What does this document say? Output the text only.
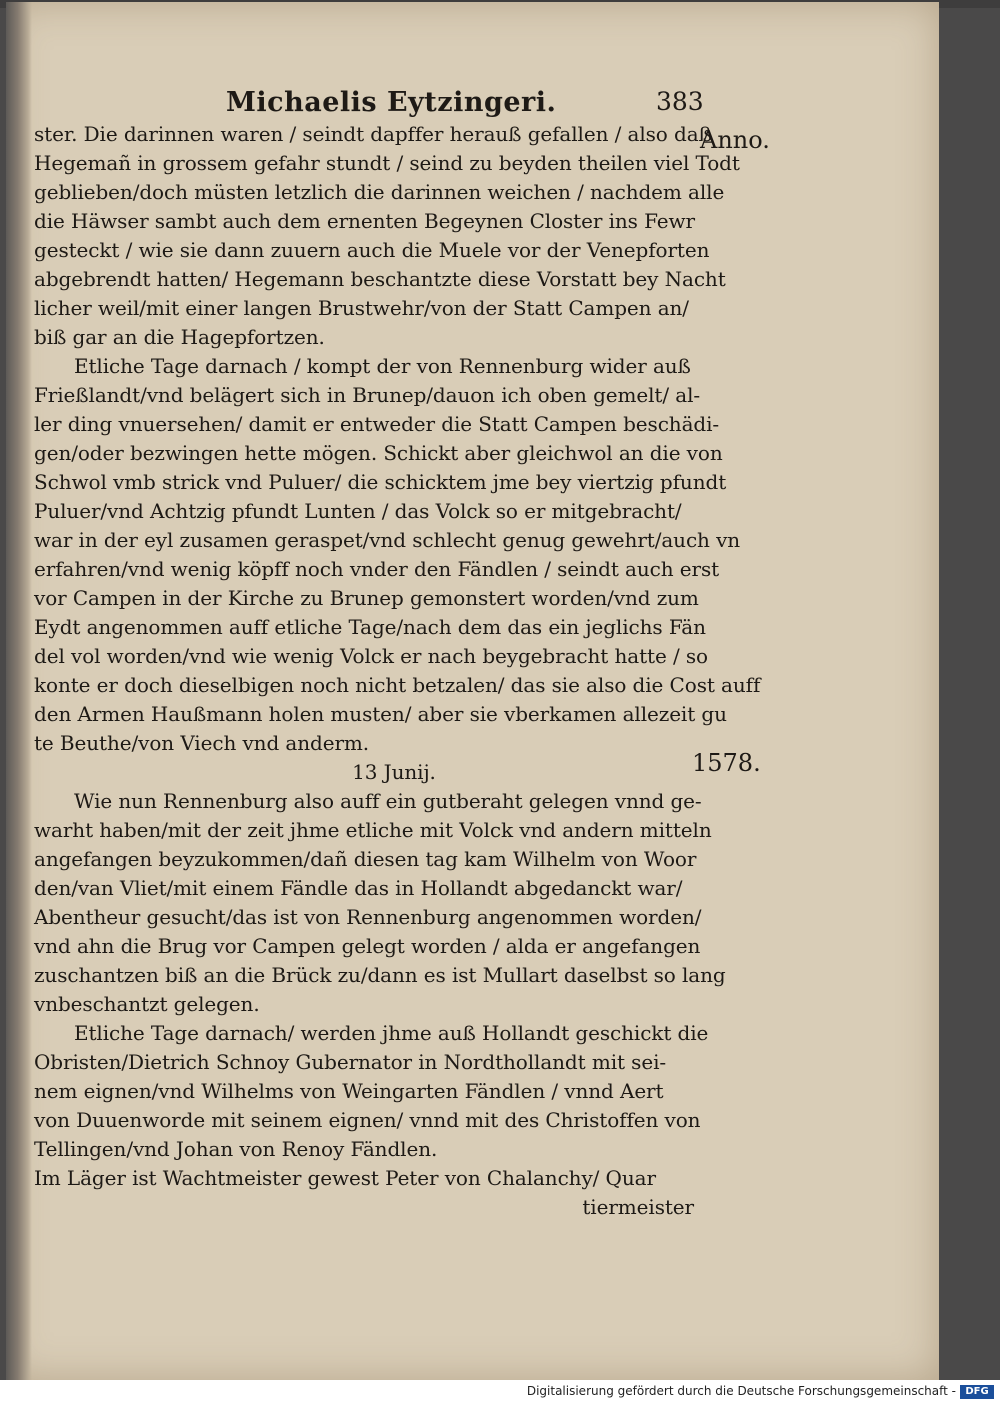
Michaelis Eytzingeri.	383
Anno.
1578.
ster. Die darinnen waren / seindt dapffer herauß gefallen / also daß
Hegemañ in grossem gefahr stundt / seind zu beyden theilen viel Todt
geblieben/doch müsten letzlich die darinnen weichen / nachdem alle
die Häwser sambt auch dem ernenten Begeynen Closter ins Fewr
gesteckt / wie sie dann zuuern auch die Muele vor der Venepforten
abgebrendt hatten/ Hegemann beschantzte diese Vorstatt bey Nacht
licher weil/mit einer langen Brustwehr/von der Statt Campen an/
biß gar an die Hagepfortzen.
Etliche Tage darnach / kompt der von Rennenburg wider auß
Frießlandt/vnd belägert sich in Brunep/dauon ich oben gemelt/ al-
ler ding vnuersehen/ damit er entweder die Statt Campen beschädi-
gen/oder bezwingen hette mögen. Schickt aber gleichwol an die von
Schwol vmb strick vnd Puluer/ die schicktem jme bey viertzig pfundt
Puluer/vnd Achtzig pfundt Lunten / das Volck so er mitgebracht/
war in der eyl zusamen geraspet/vnd schlecht genug gewehrt/auch vn
erfahren/vnd wenig köpff noch vnder den Fändlen / seindt auch erst
vor Campen in der Kirche zu Brunep gemonstert worden/vnd zum
Eydt angenommen auff etliche Tage/nach dem das ein jeglichs Fän
del vol worden/vnd wie wenig Volck er nach beygebracht hatte / so
konte er doch dieselbigen noch nicht betzalen/ das sie also die Cost auff
den Armen Haußmann holen musten/ aber sie vberkamen allezeit gu
te Beuthe/von Viech vnd anderm.
13 Junij.
Wie nun Rennenburg also auff ein gutberaht gelegen vnnd ge-
warht haben/mit der zeit jhme etliche mit Volck vnd andern mitteln
angefangen beyzukommen/dañ diesen tag kam Wilhelm von Woor
den/van Vliet/mit einem Fändle das in Hollandt abgedanckt war/
Abentheur gesucht/das ist von Rennenburg angenommen worden/
vnd ahn die Brug vor Campen gelegt worden / alda er angefangen
zuschantzen biß an die Brück zu/dann es ist Mullart daselbst so lang
vnbeschantzt gelegen.
Etliche Tage darnach/ werden jhme auß Hollandt geschickt die
Obristen/Dietrich Schnoy Gubernator in Nordthollandt mit sei-
nem eignen/vnd Wilhelms von Weingarten Fändlen / vnnd Aert
von Duuenworde mit seinem eignen/ vnnd mit des Christoffen von
Tellingen/vnd Johan von Renoy Fändlen.
Im Läger ist Wachtmeister gewest Peter von Chalanchy/ Quar
tiermeister
Digitalisierung gefördert durch die Deutsche Forschungsgemeinschaft - DFG
